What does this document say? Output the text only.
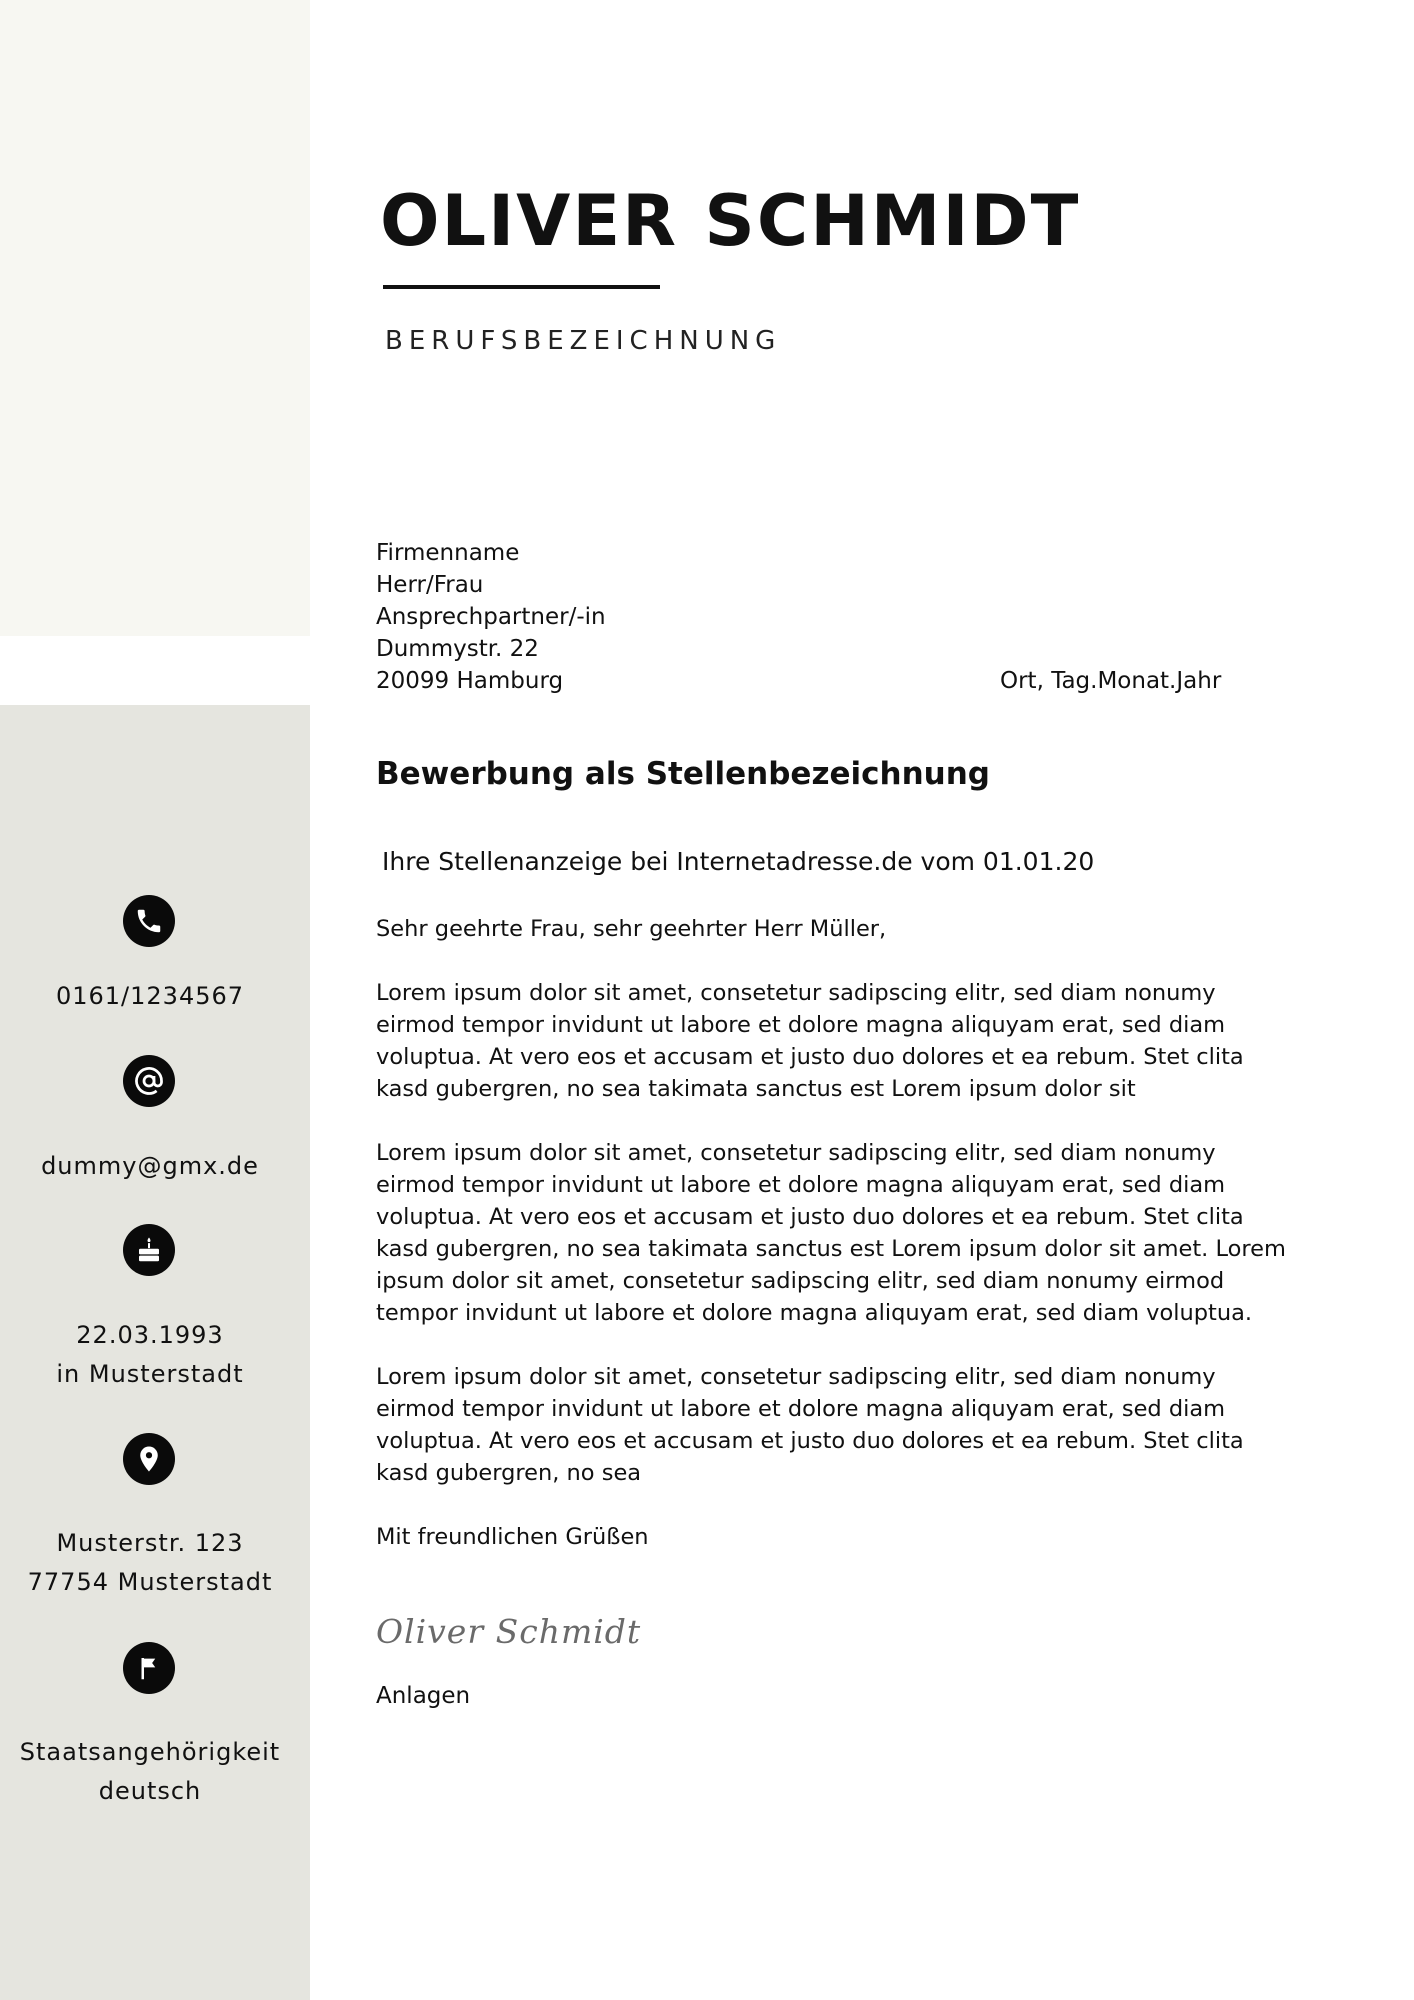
OLIVER SCHMIDT
BERUFSBEZEICHNUNG
Firmenname
Herr/Frau
Ansprechpartner/-in
Dummystr. 22
20099 Hamburg	Ort, Tag.Monat.Jahr
Bewerbung als Stellenbezeichnung
Ihre Stellenanzeige bei Internetadresse.de vom 01.01.20

Sehr geehrte Frau, sehr geehrter Herr Müller,

Lorem ipsum dolor sit amet, consetetur sadipscing elitr, sed diam nonumy eirmod tempor invidunt ut labore et dolore magna aliquyam erat, sed diam voluptua. At vero eos et accusam et justo duo dolores et ea rebum. Stet clita kasd gubergren, no sea takimata sanctus est Lorem ipsum dolor sit

Lorem ipsum dolor sit amet, consetetur sadipscing elitr, sed diam nonumy eirmod tempor invidunt ut labore et dolore magna aliquyam erat, sed diam voluptua. At vero eos et accusam et justo duo dolores et ea rebum. Stet clita kasd gubergren, no sea takimata sanctus est Lorem ipsum dolor sit amet. Lorem ipsum dolor sit amet, consetetur sadipscing elitr, sed diam nonumy eirmod tempor invidunt ut labore et dolore magna aliquyam erat, sed diam voluptua.

Lorem ipsum dolor sit amet, consetetur sadipscing elitr, sed diam nonumy eirmod tempor invidunt ut labore et dolore magna aliquyam erat, sed diam voluptua. At vero eos et accusam et justo duo dolores et ea rebum. Stet clita kasd gubergren, no sea

Mit freundlichen Grüßen

Oliver Schmidt
Anlagen
0161/1234567
dummy@gmx.de
22.03.1993
in Musterstadt
Musterstr. 123
77754 Musterstadt
Staatsangehörigkeit
deutsch
